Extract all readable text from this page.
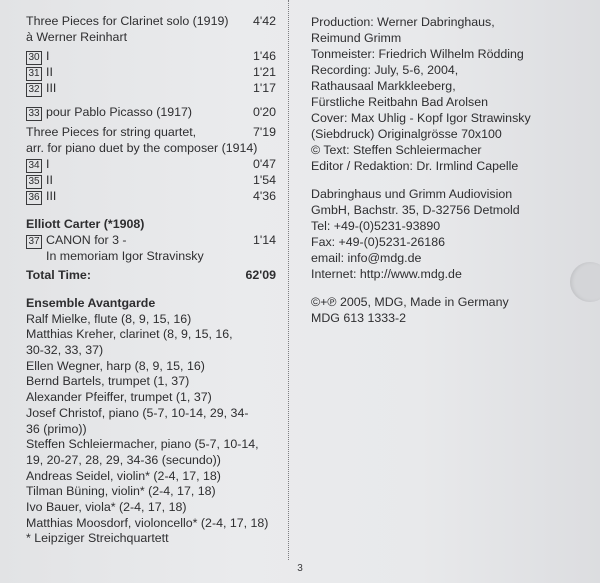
Three Pieces for Clarinet solo (1919)	4'42
à Werner Reinhart
30 I	1'46
31 II	1'21
32 III	1'17
33 pour Pablo Picasso (1917)	0'20
Three Pieces for string quartet,	7'19
arr. for piano duet by the composer (1914)
34 I	0'47
35 II	1'54
36 III	4'36
Elliott Carter (*1908)
37 CANON for 3 -	1'14
In memoriam Igor Stravinsky
Total Time:	62'09
Ensemble Avantgarde
Ralf Mielke, flute (8, 9, 15, 16)
Matthias Kreher, clarinet (8, 9, 15, 16,
30-32, 33, 37)
Ellen Wegner, harp (8, 9, 15, 16)
Bernd Bartels, trumpet (1, 37)
Alexander Pfeiffer, trumpet (1, 37)
Josef Christof, piano (5-7, 10-14, 29, 34-
36 (primo))
Steffen Schleiermacher, piano (5-7, 10-14,
19, 20-27, 28, 29, 34-36 (secundo))
Andreas Seidel, violin* (2-4, 17, 18)
Tilman Büning, violin* (2-4, 17, 18)
Ivo Bauer, viola* (2-4, 17, 18)
Matthias Moosdorf, violoncello* (2-4, 17, 18)
* Leipziger Streichquartett
Production: Werner Dabringhaus,
Reimund Grimm
Tonmeister: Friedrich Wilhelm Rödding
Recording: July, 5-6, 2004,
Rathausaal Markkleeberg,
Fürstliche Reitbahn Bad Arolsen
Cover: Max Uhlig - Kopf Igor Strawinsky
(Siebdruck) Originalgrösse 70x100
© Text: Steffen Schleiermacher
Editor / Redaktion: Dr. Irmlind Capelle
Dabringhaus und Grimm Audiovision
GmbH, Bachstr. 35, D-32756 Detmold
Tel: +49-(0)5231-93890
Fax: +49-(0)5231-26186
email: info@mdg.de
Internet: http://www.mdg.de
©+℗ 2005, MDG, Made in Germany
MDG 613 1333-2
3
